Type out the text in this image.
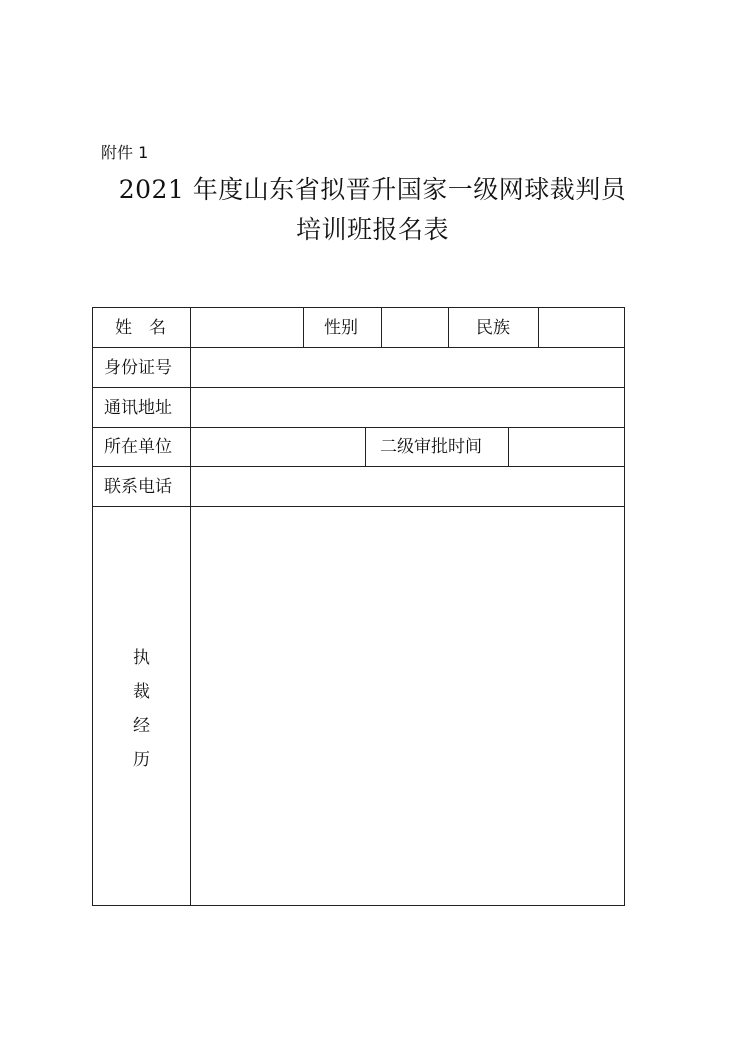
附件 1
2021 年度山东省拟晋升国家一级网球裁判员
培训班报名表
姓　名	性别	民族
身份证号
通讯地址
所在单位	二级审批时间
联系电话
执
裁
经
历
